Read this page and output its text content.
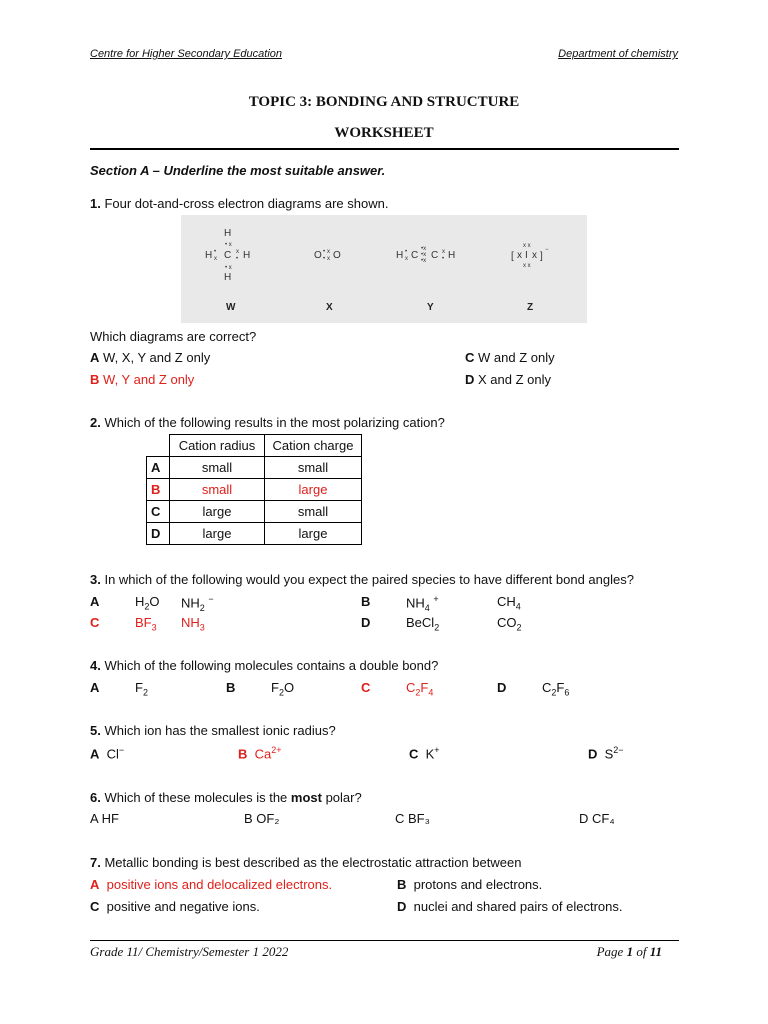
Centre for Higher Secondary Education	Department of chemistry
TOPIC 3: BONDING AND STRUCTURE
WORKSHEET
Section A – Underline the most suitable answer.
1. Four dot-and-cross electron diagrams are shown.
H
• x
H •
x C x
• H
• x
H
O •
•
x
x O	H •
x C
•x
•x
•x C x
• H	[
x x
x I x
x x
]
−
W	X	Y	Z
Which diagrams are correct?
A W, X, Y and Z only
B W, Y and Z only
C W and Z only
D X and Z only
2. Which of the following results in the most polarizing cation?
	Cation radius	Cation charge
A	small	small
B	small	large
C	large	small
D	large	large
3. In which of the following would you expect the paired species to have different bond angles?
A	$H_2O$ $NH_2$ −
C	$BF_3$ $NH_3$
B	$NH_4$ +	$CH_4$
D	BeCl$_2$	$CO_2$
4. Which of the following molecules contains a double bond?
A	$F_2$	B	$F_2O$	C	$C_2F_4$	D	$C_2F_6$
5. Which ion has the smallest ionic radius?
A  Cl−	B  $Ca^{2+}$	C  K+	D  $S^{2-}$
6. Which of these molecules is the most polar?
A HF	B OF₂	C BF₃	D CF₄
7. Metallic bonding is best described as the electrostatic attraction between
A positive ions and delocalized electrons.	B protons and electrons.
C positive and negative ions.	D nuclei and shared pairs of electrons.
Grade 11/ Chemistry/Semester 1 2022	Page 1 of 11
